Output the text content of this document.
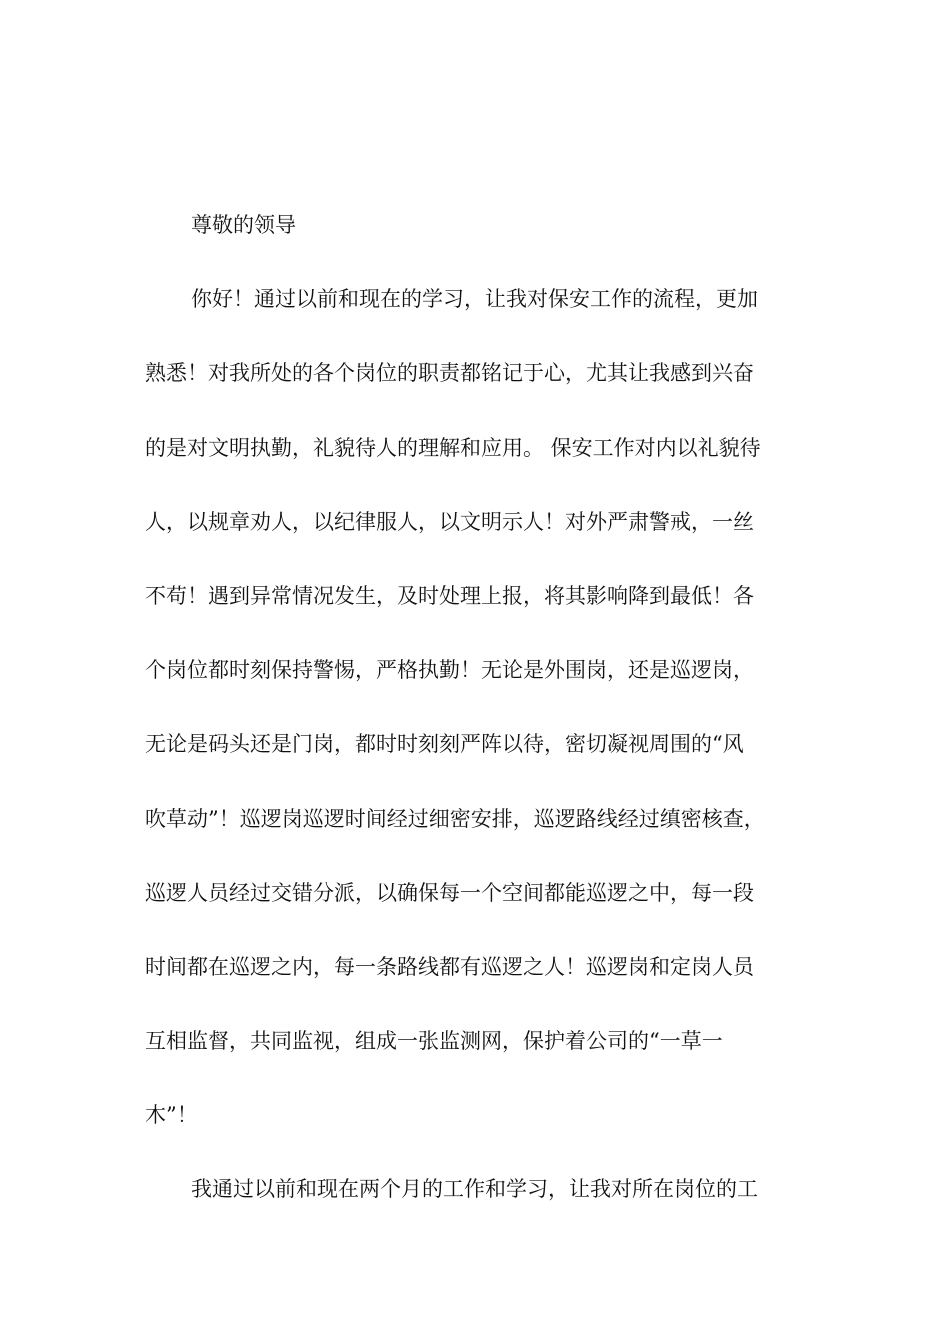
尊敬的领导
你好！通过以前和现在的学习，让我对保安工作的流程，更加
熟悉！对我所处的各个岗位的职责都铭记于心，尤其让我感到兴奋
的是对文明执勤，礼貌待人的理解和应用。 保安工作对内以礼貌待
人，以规章劝人，以纪律服人，以文明示人！对外严肃警戒，一丝
不苟！遇到异常情况发生，及时处理上报，将其影响降到最低！各
个岗位都时刻保持警惕，严格执勤！无论是外围岗，还是巡逻岗，
无论是码头还是门岗，都时时刻刻严阵以待，密切凝视周围的“风
吹草动”！巡逻岗巡逻时间经过细密安排，巡逻路线经过缜密核查，
巡逻人员经过交错分派，以确保每一个空间都能巡逻之中，每一段
时间都在巡逻之内，每一条路线都有巡逻之人！巡逻岗和定岗人员
互相监督，共同监视，组成一张监测网，保护着公司的“一草一
木”！
我通过以前和现在两个月的工作和学习，让我对所在岗位的工
